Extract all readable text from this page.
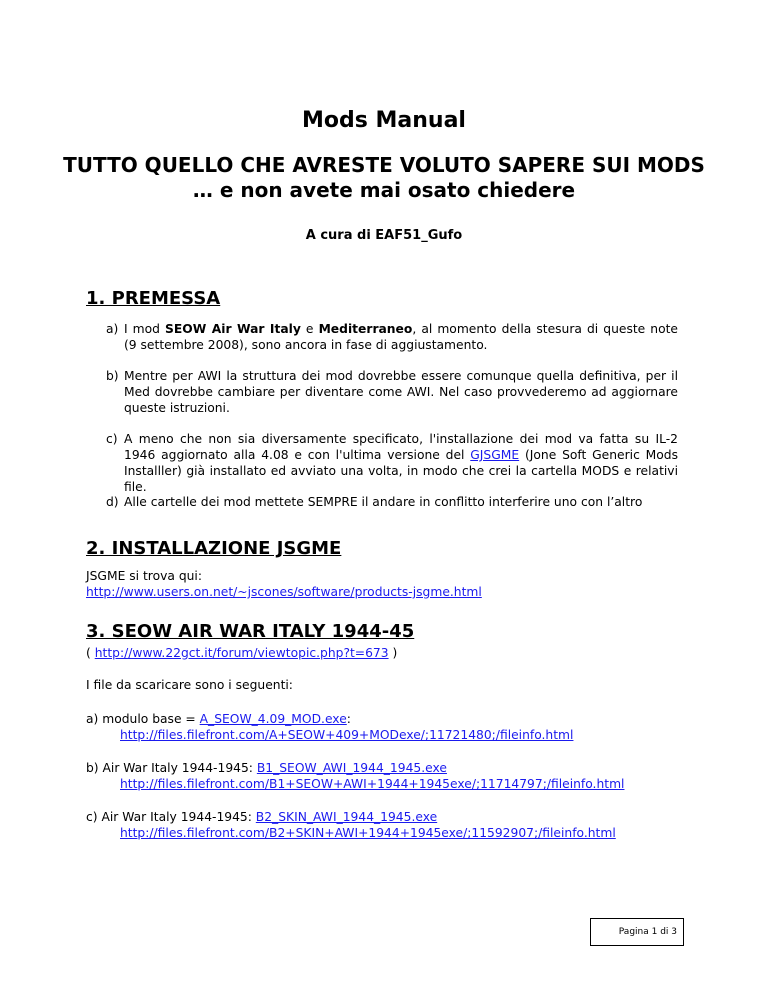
Mods Manual
TUTTO QUELLO CHE AVRESTE VOLUTO SAPERE SUI MODS
… e non avete mai osato chiedere
A cura di EAF51_Gufo
1. PREMESSA
a) I mod SEOW Air War Italy e Mediterraneo, al momento della stesura di queste note (9 settembre 2008), sono ancora in fase di aggiustamento.
b) Mentre per AWI la struttura dei mod dovrebbe essere comunque quella definitiva, per il Med dovrebbe cambiare per diventare come AWI. Nel caso provvederemo ad aggiornare queste istruzioni.
c) A meno che non sia diversamente specificato, l'installazione dei mod va fatta su IL-2 1946 aggiornato alla 4.08 e con l'ultima versione del GJSGME (Jone Soft Generic Mods Installler) già installato ed avviato una volta, in modo che crei la cartella MODS e relativi file.
d) Alle cartelle dei mod mettete SEMPRE il andare in conflitto interferire uno con l’altro
2. INSTALLAZIONE JSGME
JSGME si trova qui:
http://www.users.on.net/~jscones/software/products-jsgme.html
3. SEOW AIR WAR ITALY 1944-45
( http://www.22gct.it/forum/viewtopic.php?t=673 )
I file da scaricare sono i seguenti:
a) modulo base = A_SEOW_4.09_MOD.exe:
http://files.filefront.com/A+SEOW+409+MODexe/;11721480;/fileinfo.html
b) Air War Italy 1944-1945: B1_SEOW_AWI_1944_1945.exe
http://files.filefront.com/B1+SEOW+AWI+1944+1945exe/;11714797;/fileinfo.html
c) Air War Italy 1944-1945: B2_SKIN_AWI_1944_1945.exe
http://files.filefront.com/B2+SKIN+AWI+1944+1945exe/;11592907;/fileinfo.html
Pagina 1 di 3
